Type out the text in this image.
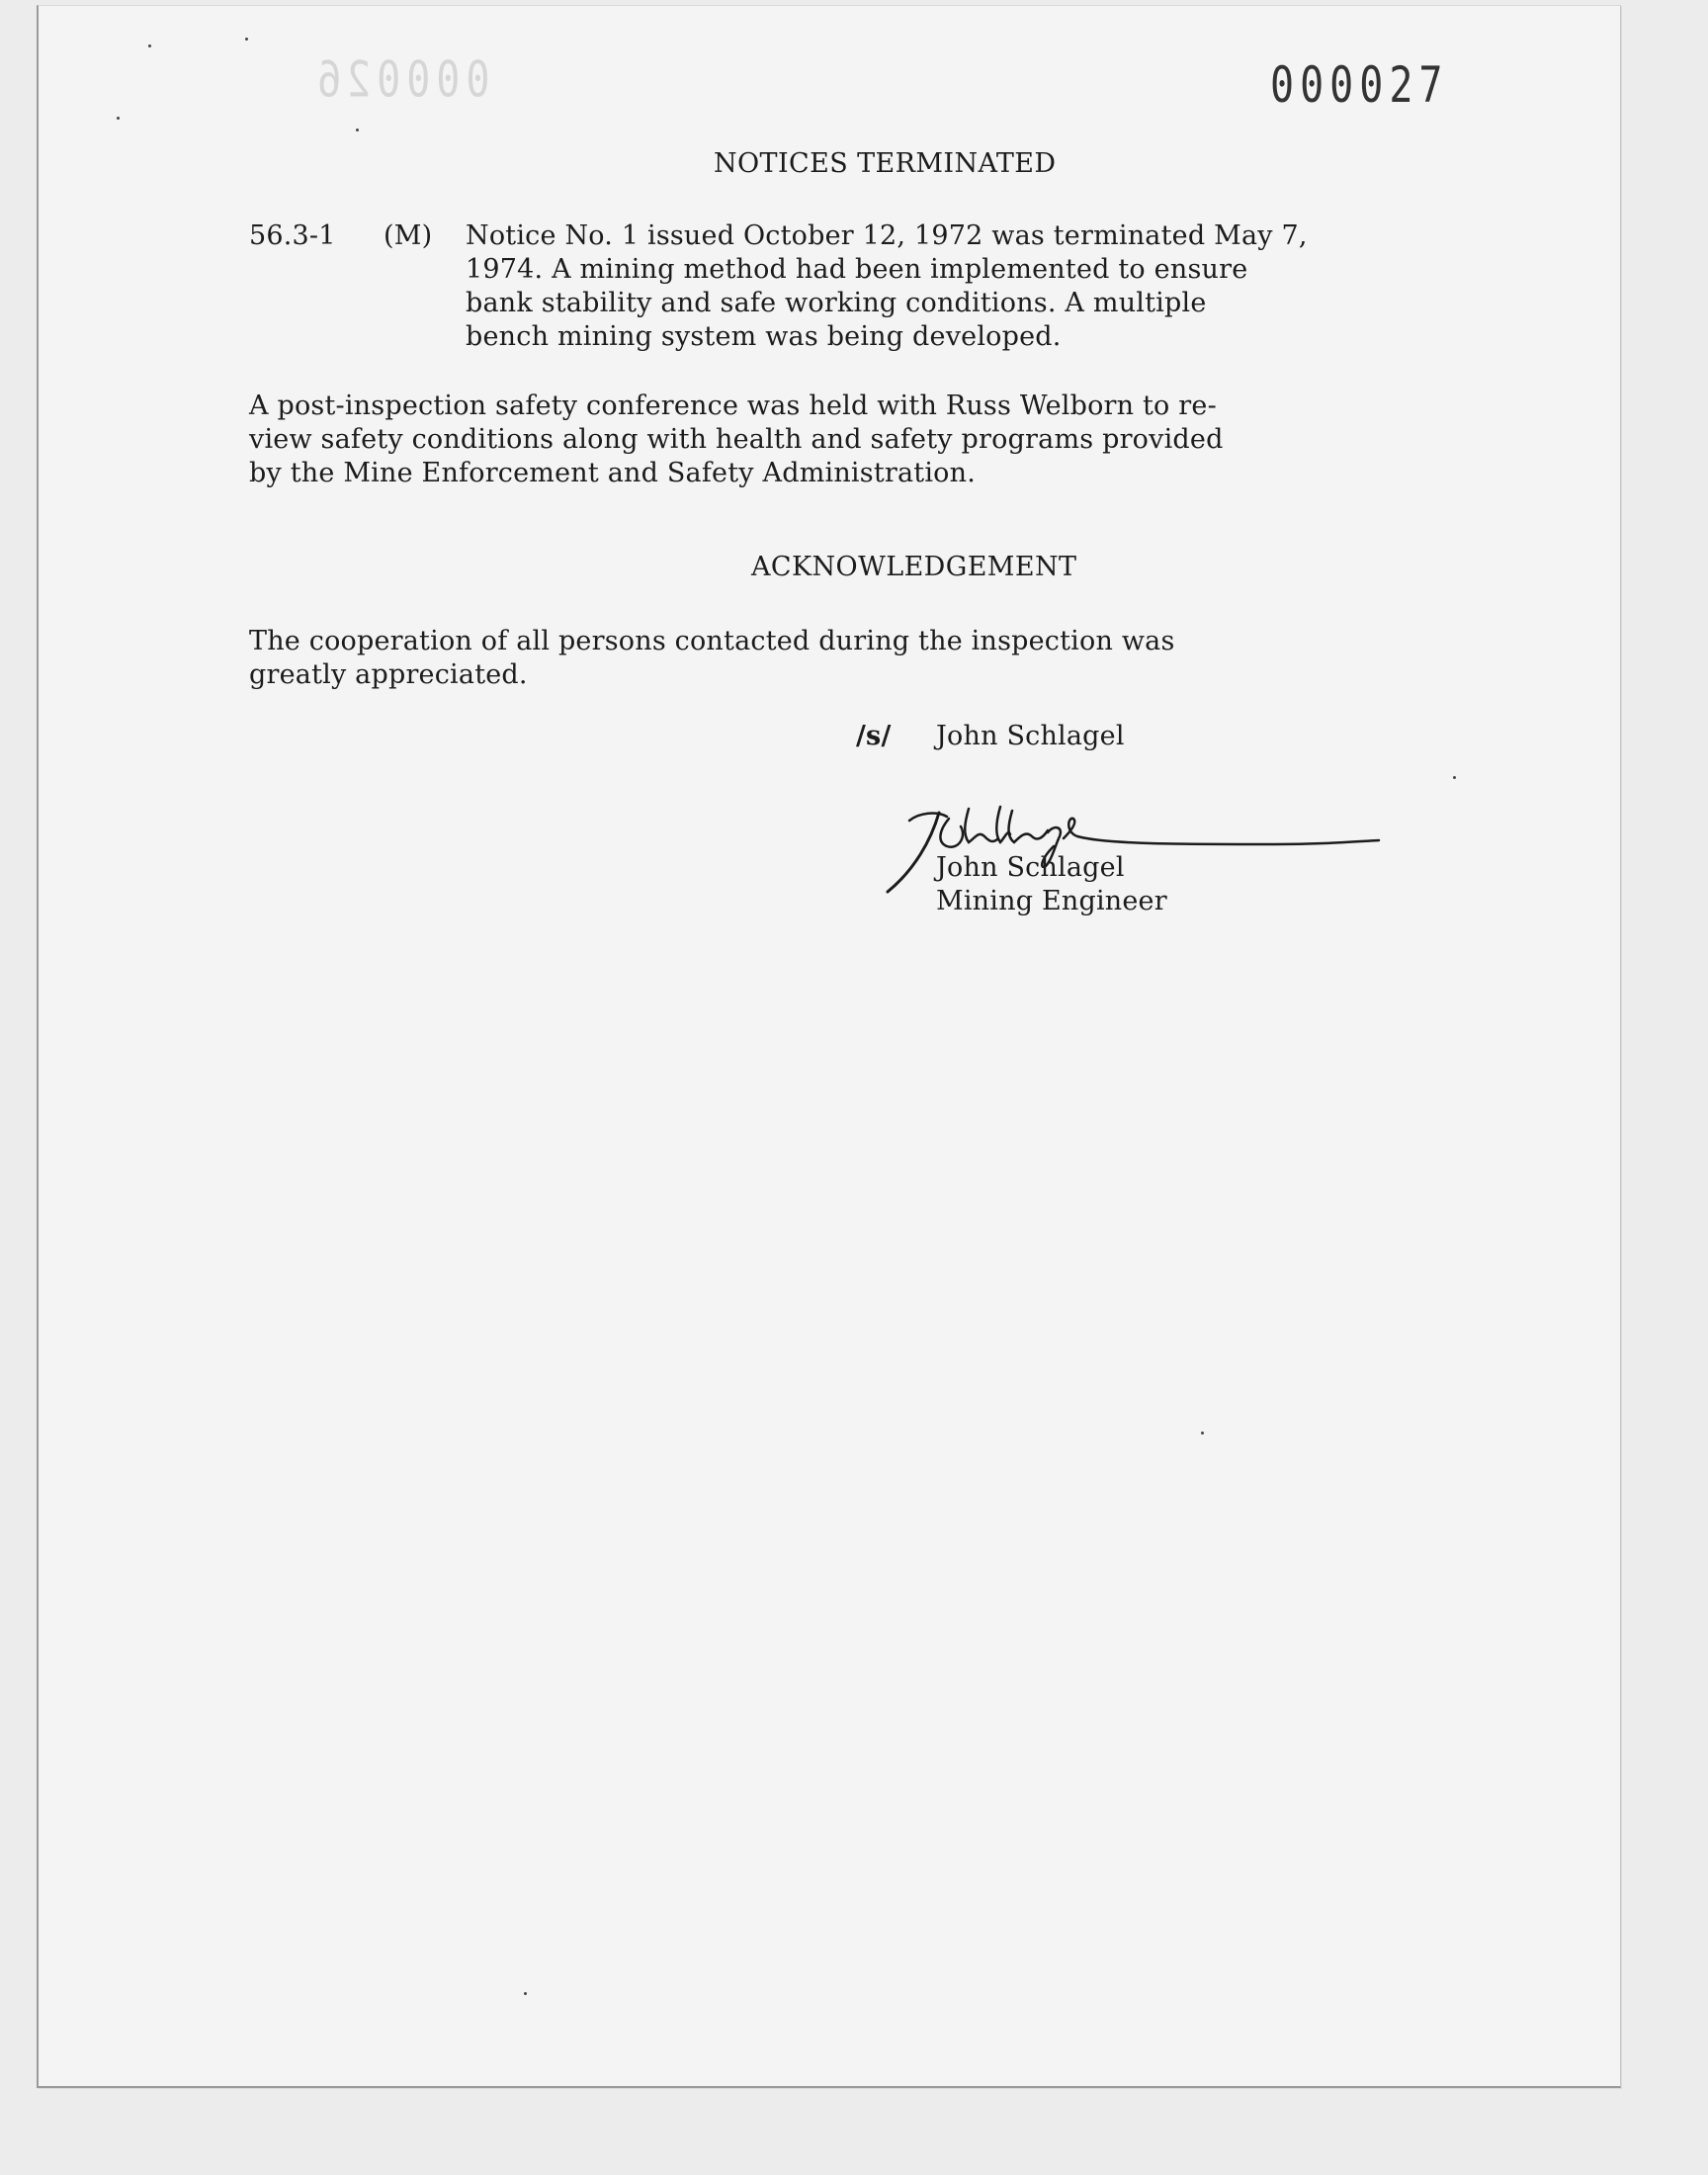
000026	000027
NOTICES TERMINATED
56.3-1 (M) Notice No. 1 issued October 12, 1972 was terminated May 7,
1974. A mining method had been implemented to ensure
bank stability and safe working conditions. A multiple
bench mining system was being developed.
A post-inspection safety conference was held with Russ Welborn to re-
view safety conditions along with health and safety programs provided
by the Mine Enforcement and Safety Administration.
ACKNOWLEDGEMENT
The cooperation of all persons contacted during the inspection was
greatly appreciated.
/s/ John Schlagel
John Schlagel
Mining Engineer
